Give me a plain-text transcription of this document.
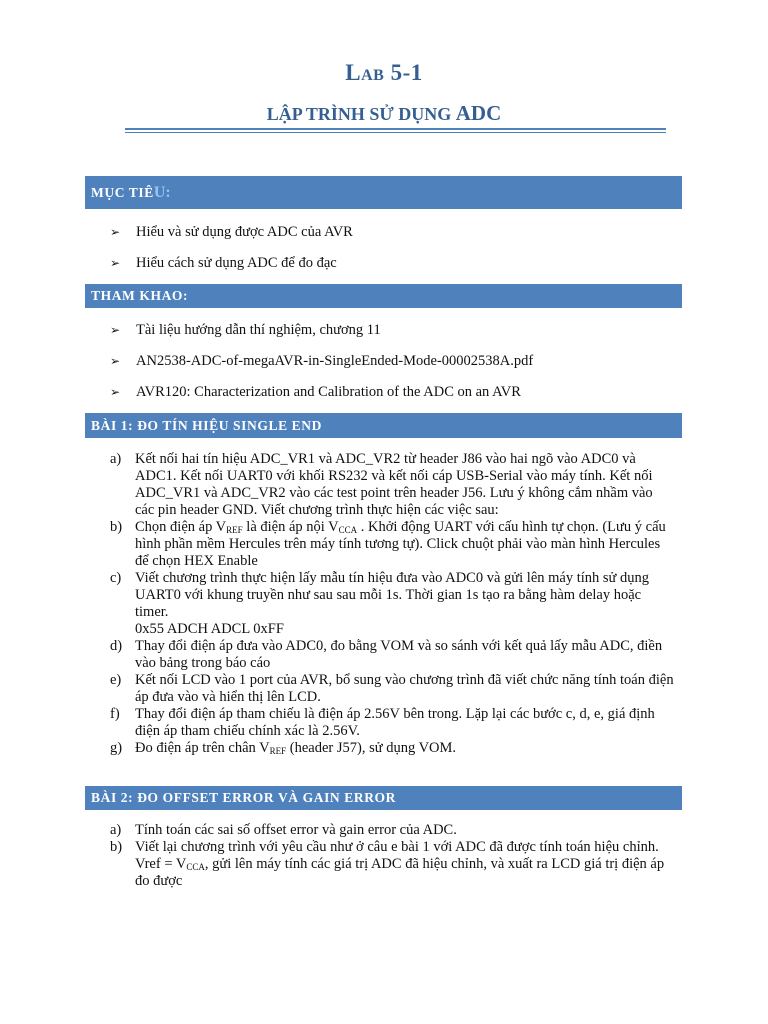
Lab 5-1
LẬP TRÌNH SỬ DỤNG ADC
MỤC TIÊ U:
➢ Hiểu và sử dụng được ADC của AVR
➢ Hiểu cách sử dụng ADC để đo đạc
THAM KHAO:
➢ Tài liệu hướng dẫn thí nghiệm, chương 11
➢ AN2538-ADC-of-megaAVR-in-SingleEnded-Mode-00002538A.pdf
➢ AVR120: Characterization and Calibration of the ADC on an AVR
BÀI 1: ĐO TÍN HIỆU SINGLE END
a) Kết nối hai tín hiệu ADC_VR1 và ADC_VR2 từ header J86 vào hai ngõ vào ADC0 và ADC1. Kết nối UART0 với khối RS232 và kết nối cáp USB-Serial vào máy tính. Kết nối ADC_VR1 và ADC_VR2 vào các test point trên header J56. Lưu ý không cắm nhầm vào các pin header GND. Viết chương trình thực hiện các việc sau:
b) Chọn điện áp $V_{REF}$ là điện áp nội $V_{CCA}$ . Khởi động UART với cấu hình tự chọn. (Lưu ý cấu hình phần mềm Hercules trên máy tính tương tự). Click chuột phải vào màn hình Hercules để chọn HEX Enable
c) Viết chương trình thực hiện lấy mẫu tín hiệu đưa vào ADC0 và gửi lên máy tính sử dụng UART0 với khung truyền như sau sau mỗi 1s. Thời gian 1s tạo ra bằng hàm delay hoặc timer.
0x55 ADCH ADCL 0xFF
d) Thay đổi điện áp đưa vào ADC0, đo bằng VOM và so sánh với kết quả lấy mẫu ADC, điền vào bảng trong báo cáo
e) Kết nối LCD vào 1 port của AVR, bổ sung vào chương trình đã viết chức năng tính toán điện áp đưa vào và hiển thị lên LCD.
f) Thay đổi điện áp tham chiếu là điện áp 2.56V bên trong. Lặp lại các bước c, d, e, giá định điện áp tham chiếu chính xác là 2.56V.
g) Đo điện áp trên chân $V_{REF}$ (header J57), sử dụng VOM.
BÀI 2: ĐO OFFSET ERROR VÀ GAIN ERROR
a) Tính toán các sai số offset error và gain error của ADC.
b) Viết lại chương trình với yêu cầu như ở câu e bài 1 với ADC đã được tính toán hiệu chỉnh. Vref = $V_{CCA}$, gửi lên máy tính các giá trị ADC đã hiệu chỉnh, và xuất ra LCD giá trị điện áp đo được
